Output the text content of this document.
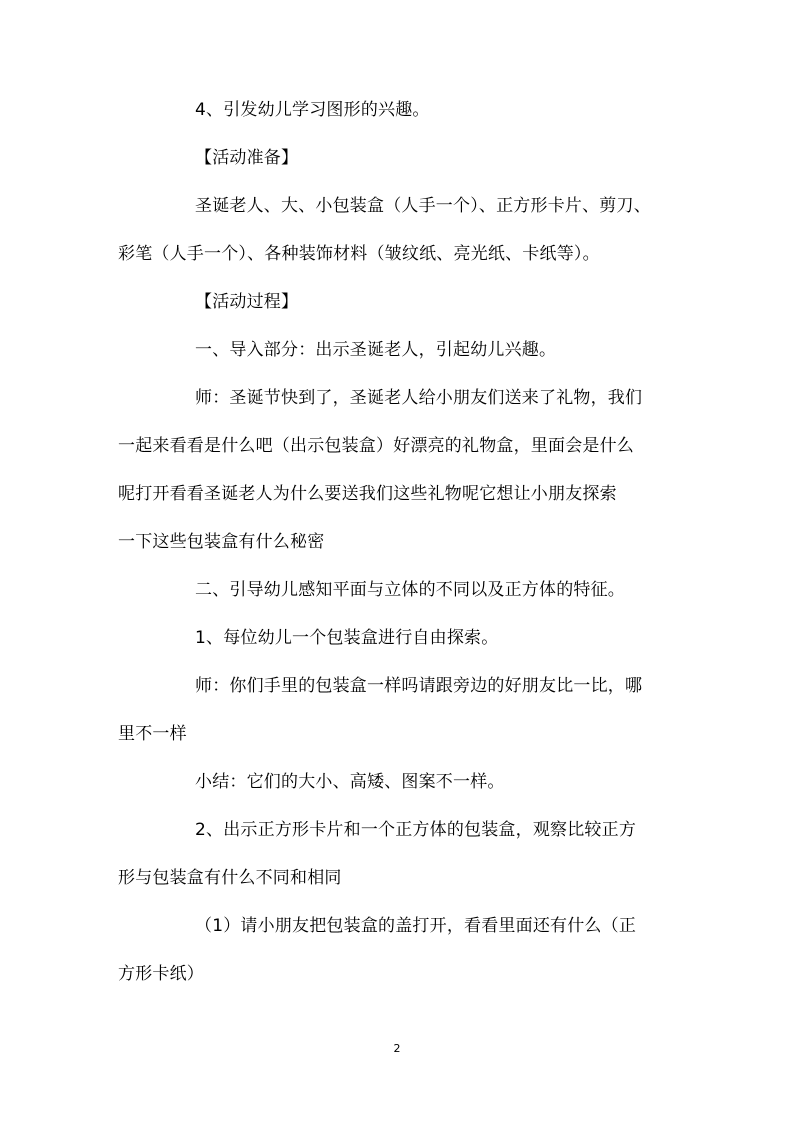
4、引发幼儿学习图形的兴趣。
【活动准备】
圣诞老人、大、小包装盒（人手一个）、正方形卡片、剪刀、
彩笔（人手一个）、各种装饰材料（皱纹纸、亮光纸、卡纸等）。
【活动过程】
一、导入部分：出示圣诞老人，引起幼儿兴趣。
师：圣诞节快到了，圣诞老人给小朋友们送来了礼物，我们
一起来看看是什么吧（出示包装盒）好漂亮的礼物盒，里面会是什么
呢打开看看圣诞老人为什么要送我们这些礼物呢它想让小朋友探索
一下这些包装盒有什么秘密
二、引导幼儿感知平面与立体的不同以及正方体的特征。
1、每位幼儿一个包装盒进行自由探索。
师：你们手里的包装盒一样吗请跟旁边的好朋友比一比，哪
里不一样
小结：它们的大小、高矮、图案不一样。
2、出示正方形卡片和一个正方体的包装盒，观察比较正方
形与包装盒有什么不同和相同
（1）请小朋友把包装盒的盖打开，看看里面还有什么（正
方形卡纸）
2
